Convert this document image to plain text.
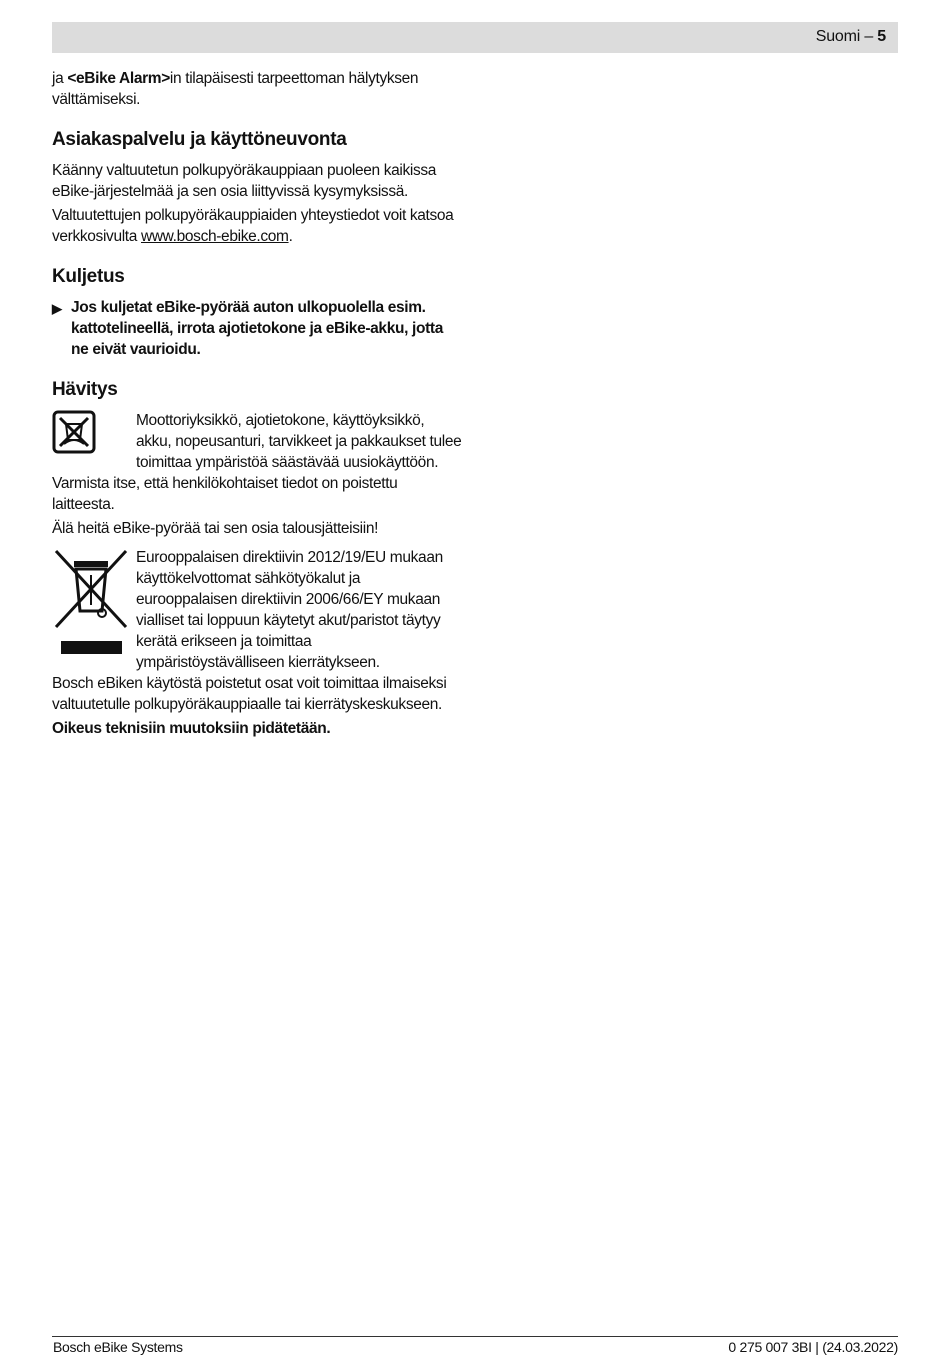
Suomi – 5

ja <eBike Alarm>in tilapäisesti tarpeettoman hälytyksen välttämiseksi.

Asiakaspalvelu ja käyttöneuvonta

Käänny valtuutetun polkupyöräkauppiaan puoleen kaikissa eBike-järjestelmää ja sen osia liittyvissä kysymyksissä.

Valtuutettujen polkupyöräkauppiaiden yhteystiedot voit katsoa verkkosivulta www.bosch-ebike.com.

Kuljetus
▶ Jos kuljetat eBike-pyörää auton ulkopuolella esim. kattotelineellä, irrota ajotietokone ja eBike-akku, jotta ne eivät vaurioidu.
Hävitys
Moottoriyksikkö, ajotietokone, käyttöyksikkö, akku, nopeusanturi, tarvikkeet ja pakkaukset tulee toimittaa ympäristöä säästävää uusiokäyttöön.

Varmista itse, että henkilökohtaiset tiedot on poistettu laitteesta.

Älä heitä eBike-pyörää tai sen osia talousjätteisiin!

Eurooppalaisen direktiivin 2012/19/EU mukaan käyttökelvottomat sähkötyökalut ja eurooppalaisen direktiivin 2006/66/EY mukaan vialliset tai loppuun käytetyt akut/paristot täytyy kerätä erikseen ja toimittaa ympäristöystävälliseen kierrätykseen.

Bosch eBiken käytöstä poistetut osat voit toimittaa ilmaiseksi valtuutetulle polkupyöräkauppiaalle tai kierrätyskeskukseen.

Oikeus teknisiin muutoksiin pidätetään.

Bosch eBike Systems	0 275 007 3BI | (24.03.2022)
